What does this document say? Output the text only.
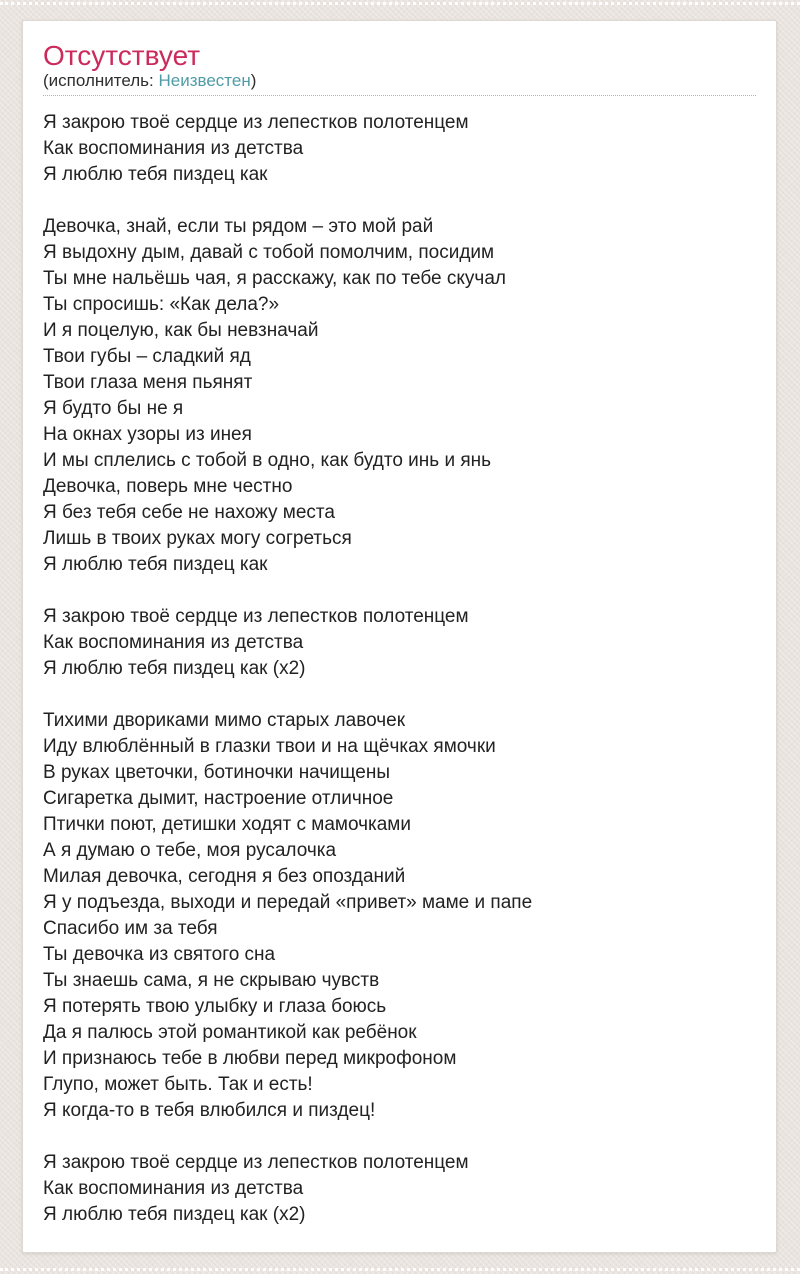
Отсутствует
(исполнитель: Неизвестен)

Я закрою твоё сердце из лепестков полотенцем
Как воспоминания из детства
Я люблю тебя пиздец как

Девочка, знай, если ты рядом – это мой рай
Я выдохну дым, давай с тобой помолчим, посидим
Ты мне нальёшь чая, я расскажу, как по тебе скучал
Ты спросишь: «Как дела?»
И я поцелую, как бы невзначай
Твои губы – сладкий яд
Твои глаза меня пьянят
Я будто бы не я
На окнах узоры из инея
И мы сплелись с тобой в одно, как будто инь и янь
Девочка, поверь мне честно
Я без тебя себе не нахожу места
Лишь в твоих руках могу согреться
Я люблю тебя пиздец как

Я закрою твоё сердце из лепестков полотенцем
Как воспоминания из детства
Я люблю тебя пиздец как (х2)

Тихими двориками мимо старых лавочек
Иду влюблённый в глазки твои и на щёчках ямочки
В руках цветочки, ботиночки начищены
Сигаретка дымит, настроение отличное
Птички поют, детишки ходят с мамочками
А я думаю о тебе, моя русалочка
Милая девочка, сегодня я без опозданий
Я у подъезда, выходи и передай «привет» маме и папе
Спасибо им за тебя
Ты девочка из святого сна
Ты знаешь сама, я не скрываю чувств
Я потерять твою улыбку и глаза боюсь
Да я палюсь этой романтикой как ребёнок
И признаюсь тебе в любви перед микрофоном
Глупо, может быть. Так и есть!
Я когда-то в тебя влюбился и пиздец!

Я закрою твоё сердце из лепестков полотенцем
Как воспоминания из детства
Я люблю тебя пиздец как (х2)
